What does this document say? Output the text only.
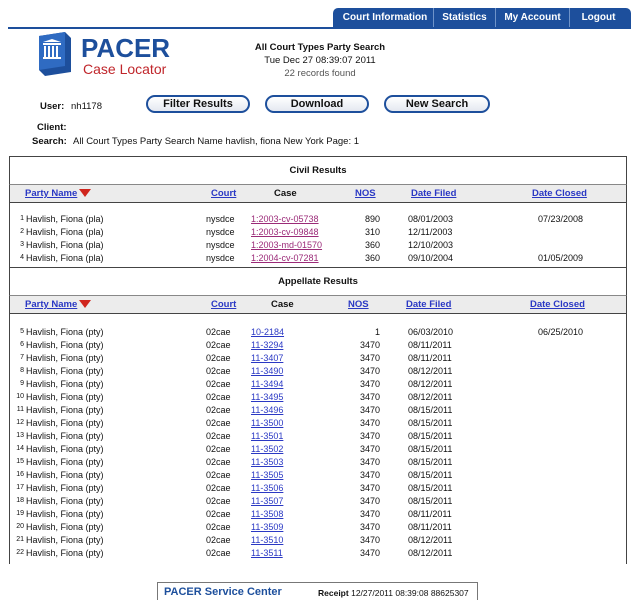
Court Information	Statistics	My Account	Logout
PACER
Case Locator
All Court Types Party Search
Tue Dec 27 08:39:07 2011
22 records found
User: nh1178
Client:
Search: All Court Types Party Search Name havlish, fiona New York Page: 1
Filter Results	Download	New Search
Civil Results
Party Name	Court	Case	NOS	Date Filed	Date Closed
1 Havlish, Fiona (pla)	nysdce 1:2003-cv-05738	890	08/01/2003	07/23/2008
2 Havlish, Fiona (pla)	nysdce 1:2003-cv-09848	310	12/11/2003
3 Havlish, Fiona (pla)	nysdce 1:2003-md-01570	360	12/10/2003
4 Havlish, Fiona (pla)	nysdce 1:2004-cv-07281	360	09/10/2004	01/05/2009
Appellate Results
Party Name	Court	Case	NOS	Date Filed	Date Closed
5 Havlish, Fiona (pty)	02cae 10-2184	1	06/03/2010	06/25/2010
6 Havlish, Fiona (pty)	02cae 11-3294	3470	08/11/2011
7 Havlish, Fiona (pty)	02cae 11-3407	3470	08/11/2011
8 Havlish, Fiona (pty)	02cae 11-3490	3470	08/12/2011
9 Havlish, Fiona (pty)	02cae 11-3494	3470	08/12/2011
10 Havlish, Fiona (pty)	02cae 11-3495	3470	08/12/2011
11 Havlish, Fiona (pty)	02cae 11-3496	3470	08/15/2011
12 Havlish, Fiona (pty)	02cae 11-3500	3470	08/15/2011
13 Havlish, Fiona (pty)	02cae 11-3501	3470	08/15/2011
14 Havlish, Fiona (pty)	02cae 11-3502	3470	08/15/2011
15 Havlish, Fiona (pty)	02cae 11-3503	3470	08/15/2011
16 Havlish, Fiona (pty)	02cae 11-3505	3470	08/15/2011
17 Havlish, Fiona (pty)	02cae 11-3506	3470	08/15/2011
18 Havlish, Fiona (pty)	02cae 11-3507	3470	08/15/2011
19 Havlish, Fiona (pty)	02cae 11-3508	3470	08/11/2011
20 Havlish, Fiona (pty)	02cae 11-3509	3470	08/11/2011
21 Havlish, Fiona (pty)	02cae 11-3510	3470	08/12/2011
22 Havlish, Fiona (pty)	02cae 11-3511	3470	08/12/2011
PACER Service Center	Receipt 12/27/2011 08:39:08 88625307
